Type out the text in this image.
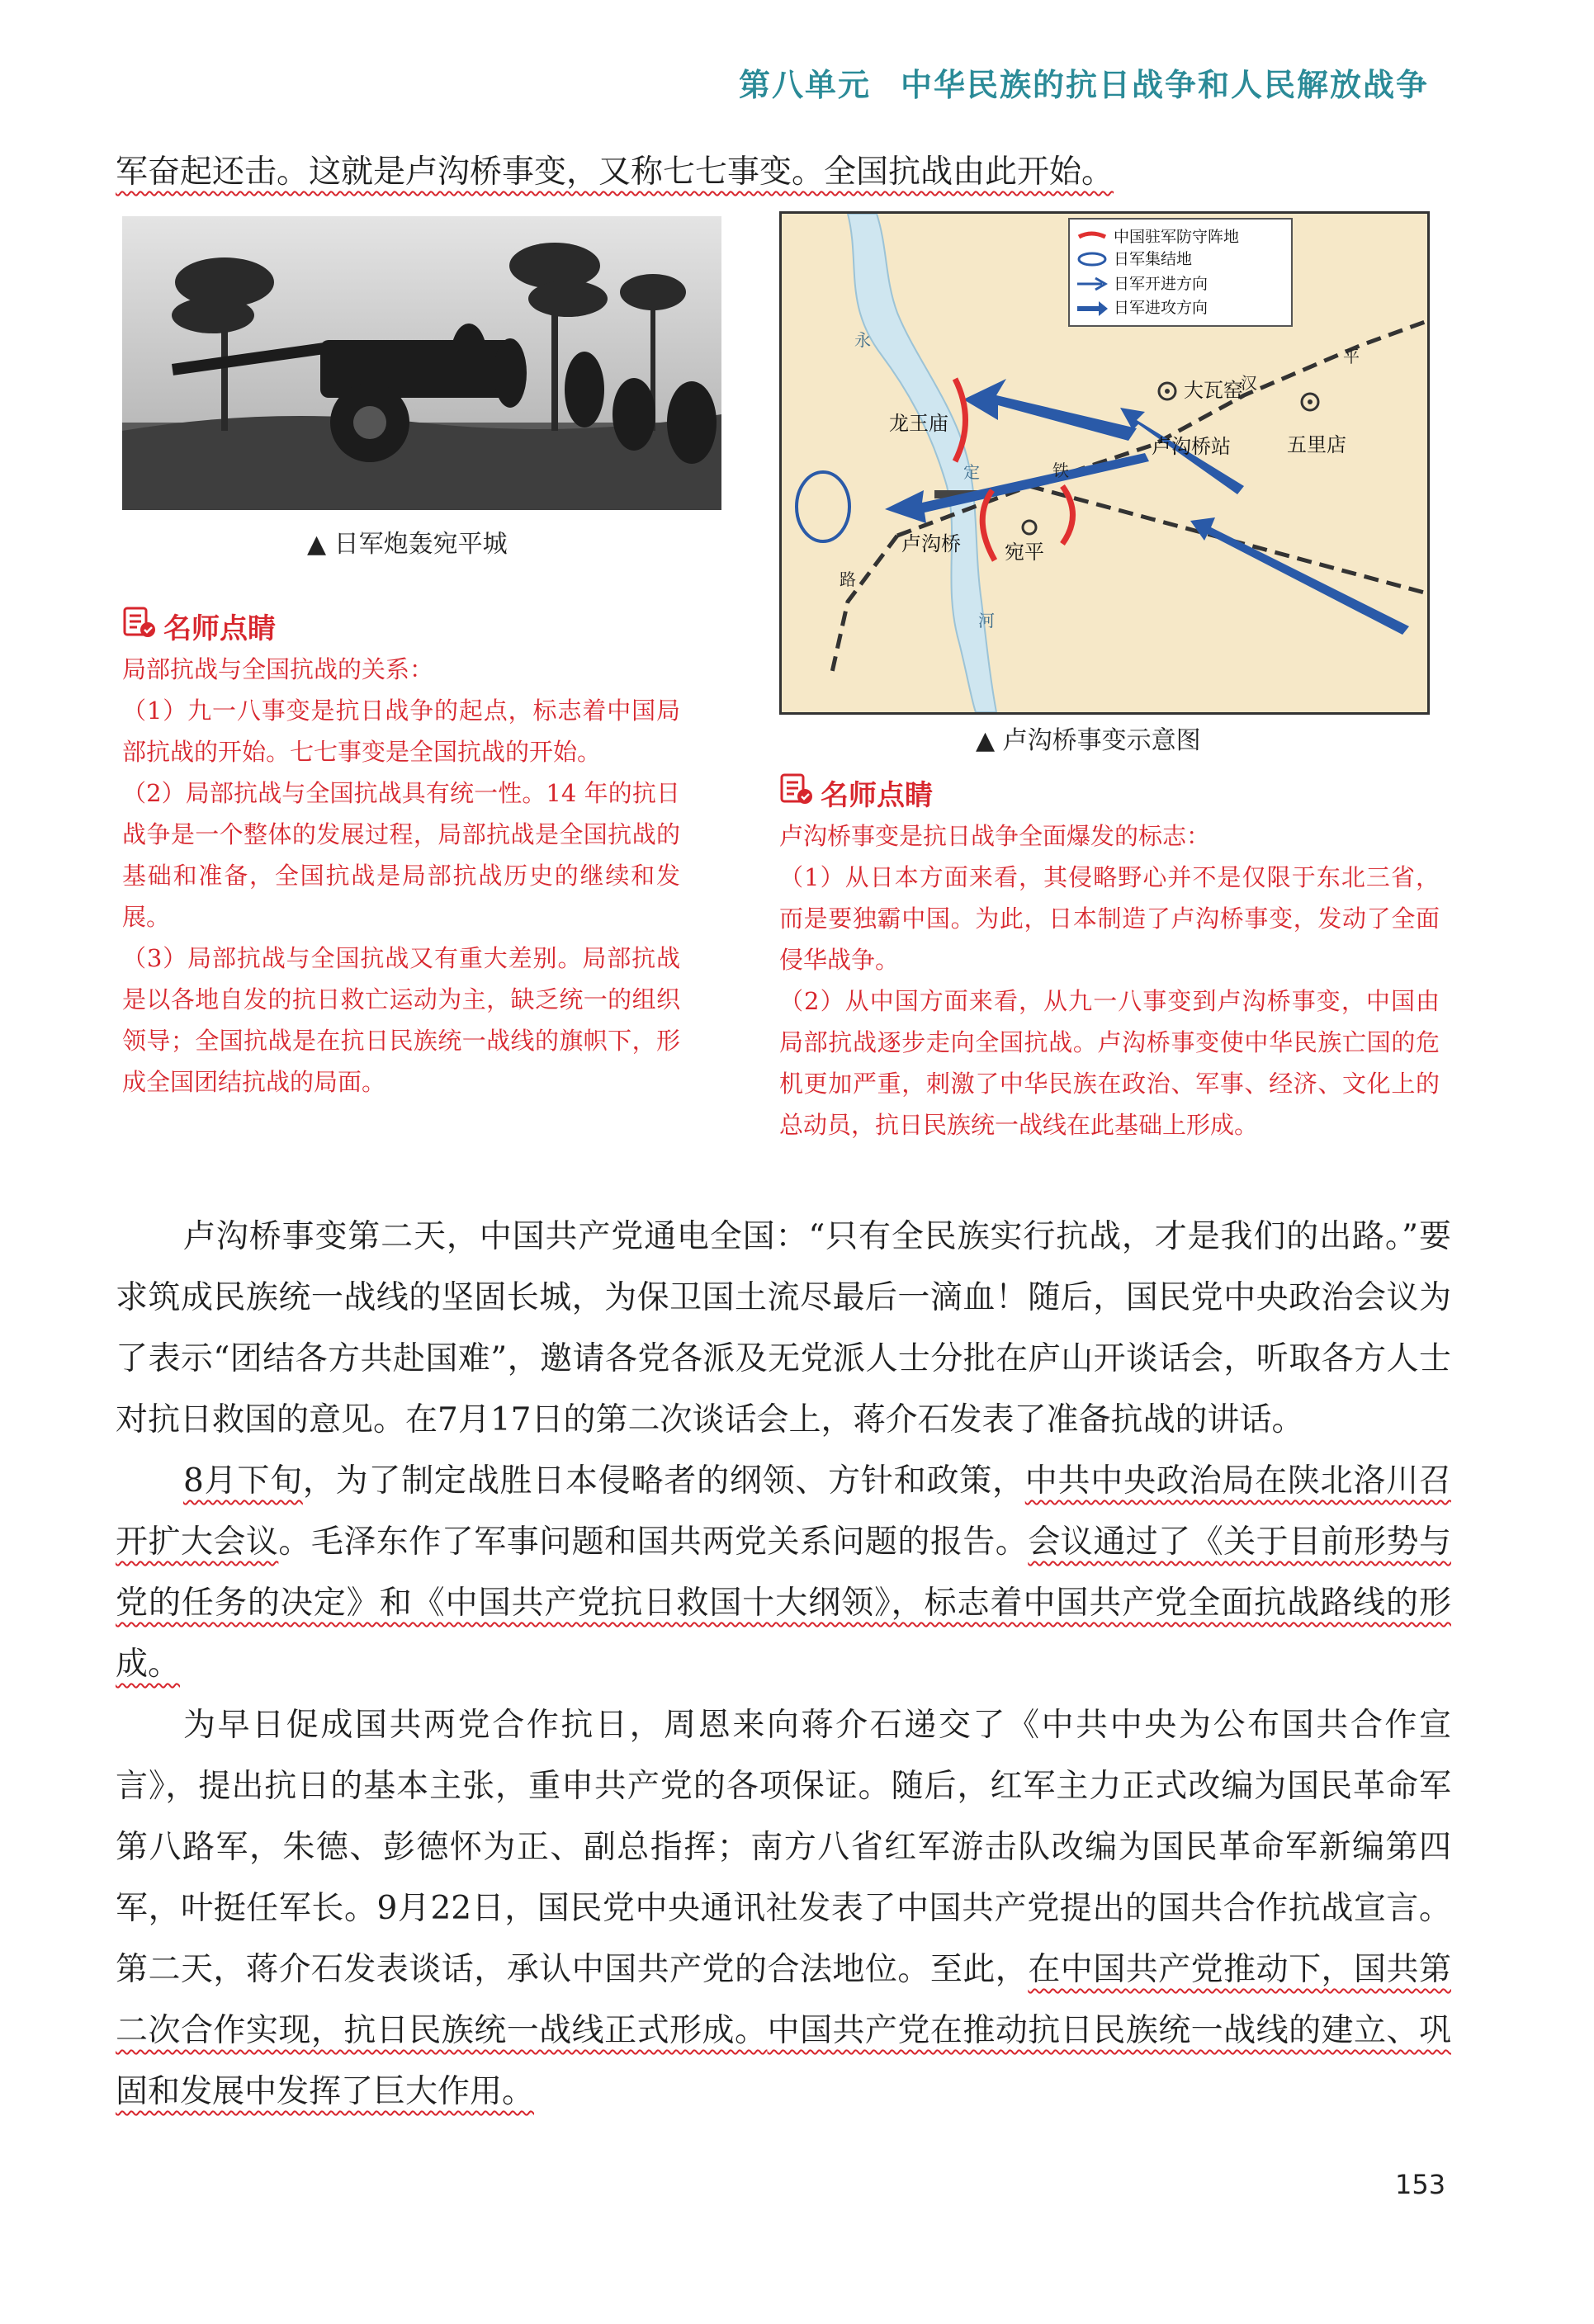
第八单元 中华民族的抗日战争和人民解放战争
军奋起还击。这就是卢沟桥事变，又称七七事变。全国抗战由此开始。
▲ 日军炮轰宛平城
龙王庙
大瓦窑
五里店
卢沟桥站
卢沟桥 宛平
永
定
河
铁
路
平
汉
中国驻军防守阵地
日军集结地
日军开进方向
日军进攻方向
▲ 卢沟桥事变示意图
名师点睛

局部抗战与全国抗战的关系：

（1）九一八事变是抗日战争的起点，标志着中国局部抗战的开始。七七事变是全国抗战的开始。

（2）局部抗战与全国抗战具有统一性。14 年的抗日战争是一个整体的发展过程，局部抗战是全国抗战的基础和准备，全国抗战是局部抗战历史的继续和发展。

（3）局部抗战与全国抗战又有重大差别。局部抗战是以各地自发的抗日救亡运动为主，缺乏统一的组织领导；全国抗战是在抗日民族统一战线的旗帜下，形成全国团结抗战的局面。

名师点睛

卢沟桥事变是抗日战争全面爆发的标志：

（1）从日本方面来看，其侵略野心并不是仅限于东北三省，而是要独霸中国。为此，日本制造了卢沟桥事变，发动了全面侵华战争。

（2）从中国方面来看，从九一八事变到卢沟桥事变，中国由局部抗战逐步走向全国抗战。卢沟桥事变使中华民族亡国的危机更加严重，刺激了中华民族在政治、军事、经济、文化上的总动员，抗日民族统一战线在此基础上形成。

卢沟桥事变第二天，中国共产党通电全国：“只有全民族实行抗战，才是我们的出路。”要求筑成民族统一战线的坚固长城，为保卫国土流尽最后一滴血！随后，国民党中央政治会议为了表示“团结各方共赴国难”，邀请各党各派及无党派人士分批在庐山开谈话会，听取各方人士对抗日救国的意见。在7月17日的第二次谈话会上，蒋介石发表了准备抗战的讲话。
8月下旬，为了制定战胜日本侵略者的纲领、方针和政策，中共中央政治局在陕北洛川召开扩大会议。毛泽东作了军事问题和国共两党关系问题的报告。会议通过了《关于目前形势与党的任务的决定》和《中国共产党抗日救国十大纲领》，标志着中国共产党全面抗战路线的形成。
为早日促成国共两党合作抗日，周恩来向蒋介石递交了《中共中央为公布国共合作宣言》，提出抗日的基本主张，重申共产党的各项保证。随后，红军主力正式改编为国民革命军第八路军，朱德、彭德怀为正、副总指挥；南方八省红军游击队改编为国民革命军新编第四军，叶挺任军长。9月22日，国民党中央通讯社发表了中国共产党提出的国共合作抗战宣言。第二天，蒋介石发表谈话，承认中国共产党的合法地位。至此，在中国共产党推动下，国共第二次合作实现，抗日民族统一战线正式形成。中国共产党在推动抗日民族统一战线的建立、巩固和发展中发挥了巨大作用。
153
